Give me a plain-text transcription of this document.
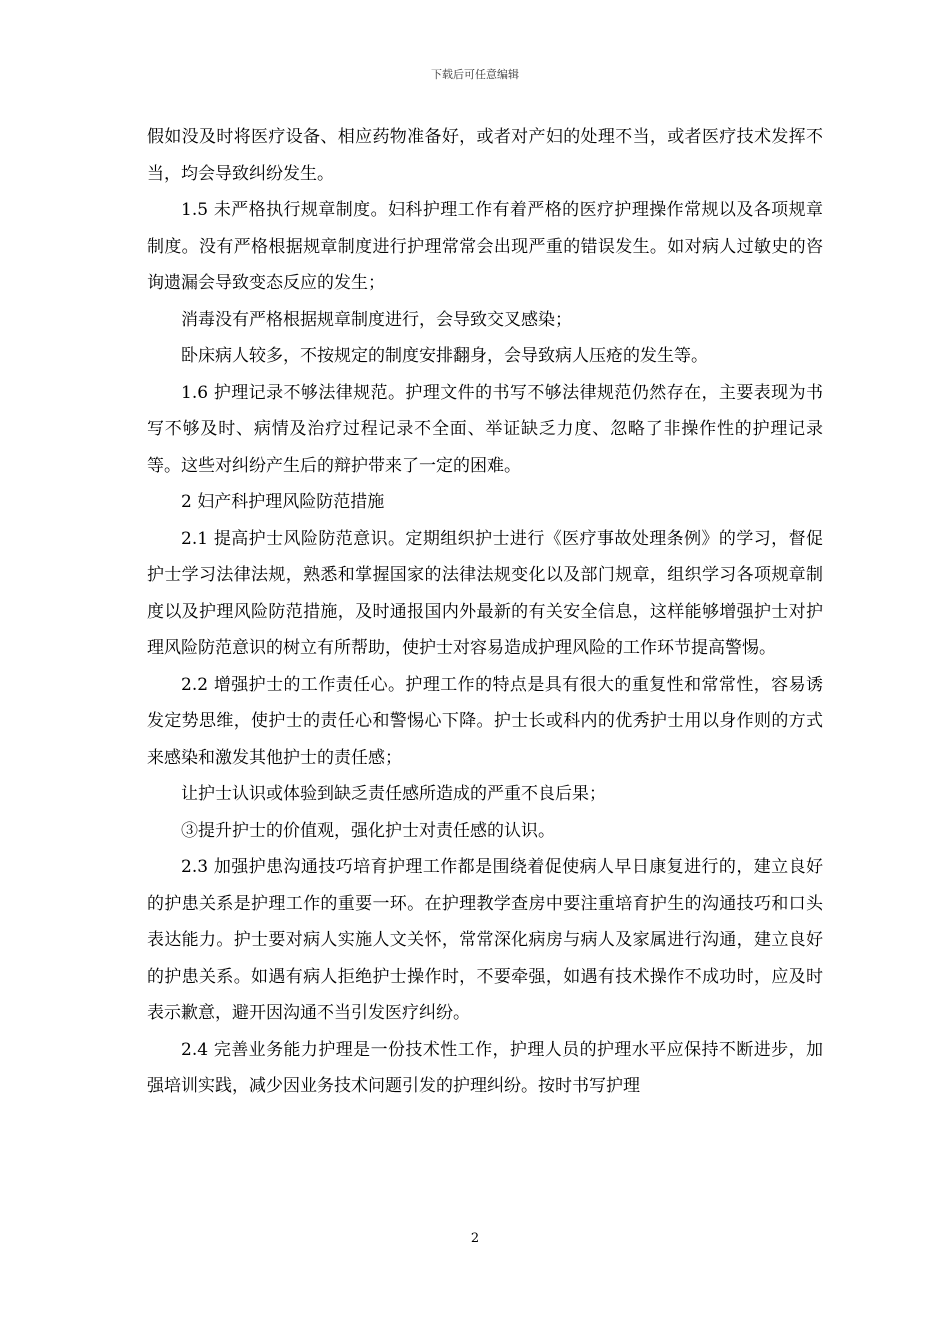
下载后可任意编辑

假如没及时将医疗设备、相应药物准备好，或者对产妇的处理不当，或者医疗技术发挥不当，均会导致纠纷发生。

1.5 未严格执行规章制度。妇科护理工作有着严格的医疗护理操作常规以及各项规章制度。没有严格根据规章制度进行护理常常会出现严重的错误发生。如对病人过敏史的咨询遗漏会导致变态反应的发生；

消毒没有严格根据规章制度进行，会导致交叉感染；

卧床病人较多，不按规定的制度安排翻身，会导致病人压疮的发生等。

1.6 护理记录不够法律规范。护理文件的书写不够法律规范仍然存在，主要表现为书写不够及时、病情及治疗过程记录不全面、举证缺乏力度、忽略了非操作性的护理记录等。这些对纠纷产生后的辩护带来了一定的困难。

2 妇产科护理风险防范措施

2.1 提高护士风险防范意识。定期组织护士进行《医疗事故处理条例》的学习，督促护士学习法律法规，熟悉和掌握国家的法律法规变化以及部门规章，组织学习各项规章制度以及护理风险防范措施，及时通报国内外最新的有关安全信息，这样能够增强护士对护理风险防范意识的树立有所帮助，使护士对容易造成护理风险的工作环节提高警惕。

2.2 增强护士的工作责任心。护理工作的特点是具有很大的重复性和常常性，容易诱发定势思维，使护士的责任心和警惕心下降。护士长或科内的优秀护士用以身作则的方式来感染和激发其他护士的责任感；

让护士认识或体验到缺乏责任感所造成的严重不良后果；

③提升护士的价值观，强化护士对责任感的认识。

2.3 加强护患沟通技巧培育护理工作都是围绕着促使病人早日康复进行的，建立良好的护患关系是护理工作的重要一环。在护理教学查房中要注重培育护生的沟通技巧和口头表达能力。护士要对病人实施人文关怀，常常深化病房与病人及家属进行沟通，建立良好的护患关系。如遇有病人拒绝护士操作时，不要牵强，如遇有技术操作不成功时，应及时表示歉意，避开因沟通不当引发医疗纠纷。

2.4 完善业务能力护理是一份技术性工作，护理人员的护理水平应保持不断进步，加强培训实践，减少因业务技术问题引发的护理纠纷。按时书写护理

2
